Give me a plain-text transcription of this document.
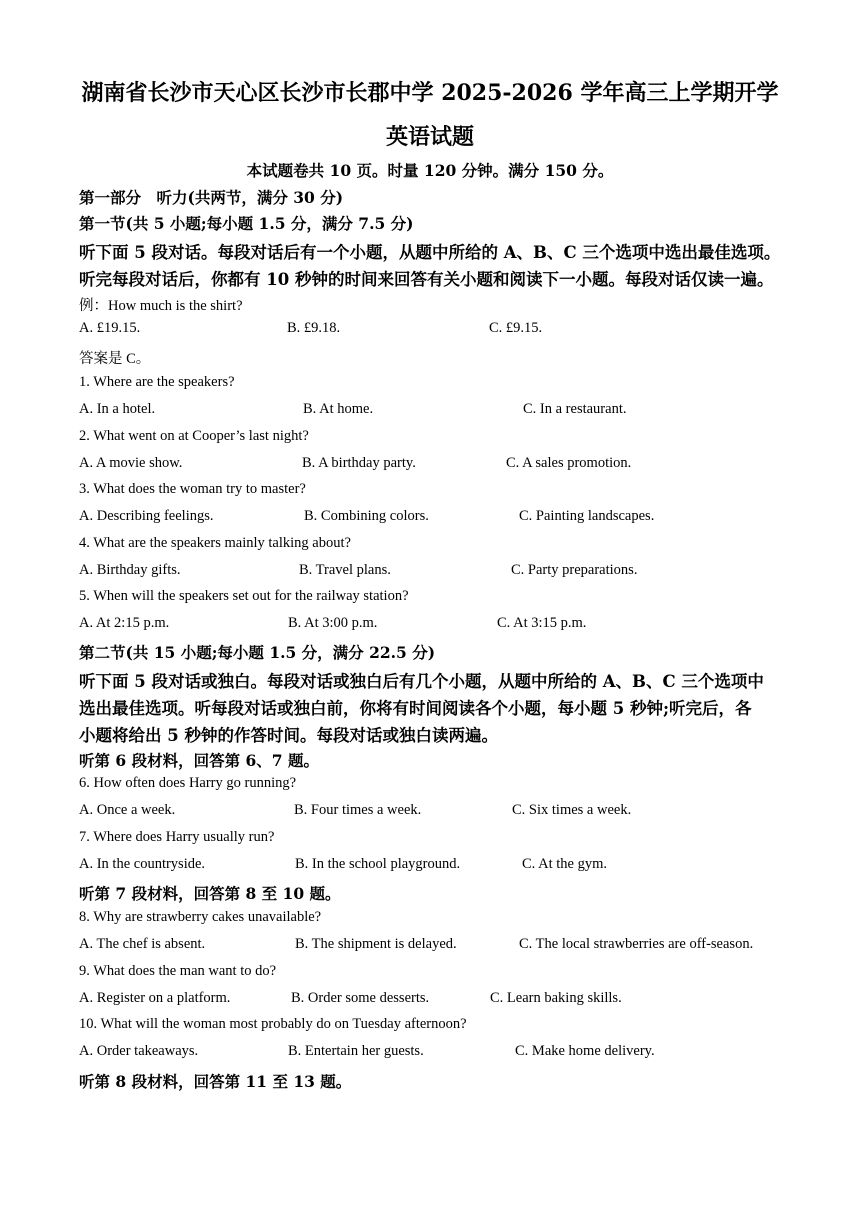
湖南省长沙市天心区长沙市长郡中学 2025-2026 学年高三上学期开学
英语试题
本试题卷共 10 页。时量 120 分钟。满分 150 分。
第一部分　听力(共两节，满分 30 分)
第一节(共 5 小题;每小题 1.5 分，满分 7.5 分)
听下面 5 段对话。每段对话后有一个小题，从题中所给的 A、B、C 三个选项中选出最佳选项。
听完每段对话后，你都有 10 秒钟的时间来回答有关小题和阅读下一小题。每段对话仅读一遍。
例：How much is the shirt?
A. £19.15.	B. £9.18.	C. £9.15.
答案是 C。
1. Where are the speakers?
A. In a hotel.	B. At home.	C. In a restaurant.
2. What went on at Cooper’s last night?
A. A movie show.	B. A birthday party.	C. A sales promotion.
3. What does the woman try to master?
A. Describing feelings.	B. Combining colors.	C. Painting landscapes.
4. What are the speakers mainly talking about?
A. Birthday gifts.	B. Travel plans.	C. Party preparations.
5. When will the speakers set out for the railway station?
A. At 2:15 p.m.	B. At 3:00 p.m.	C. At 3:15 p.m.
第二节(共 15 小题;每小题 1.5 分，满分 22.5 分)
听下面 5 段对话或独白。每段对话或独白后有几个小题，从题中所给的 A、B、C 三个选项中
选出最佳选项。听每段对话或独白前，你将有时间阅读各个小题，每小题 5 秒钟;听完后，各
小题将给出 5 秒钟的作答时间。每段对话或独白读两遍。
听第 6 段材料，回答第 6、7 题。
6. How often does Harry go running?
A. Once a week.	B. Four times a week.	C. Six times a week.
7. Where does Harry usually run?
A. In the countryside.	B. In the school playground.	C. At the gym.
听第 7 段材料，回答第 8 至 10 题。
8. Why are strawberry cakes unavailable?
A. The chef is absent.	B. The shipment is delayed.	C. The local strawberries are off-season.
9. What does the man want to do?
A. Register on a platform.	B. Order some desserts.	C. Learn baking skills.
10. What will the woman most probably do on Tuesday afternoon?
A. Order takeaways.	B. Entertain her guests.	C. Make home delivery.
听第 8 段材料，回答第 11 至 13 题。
